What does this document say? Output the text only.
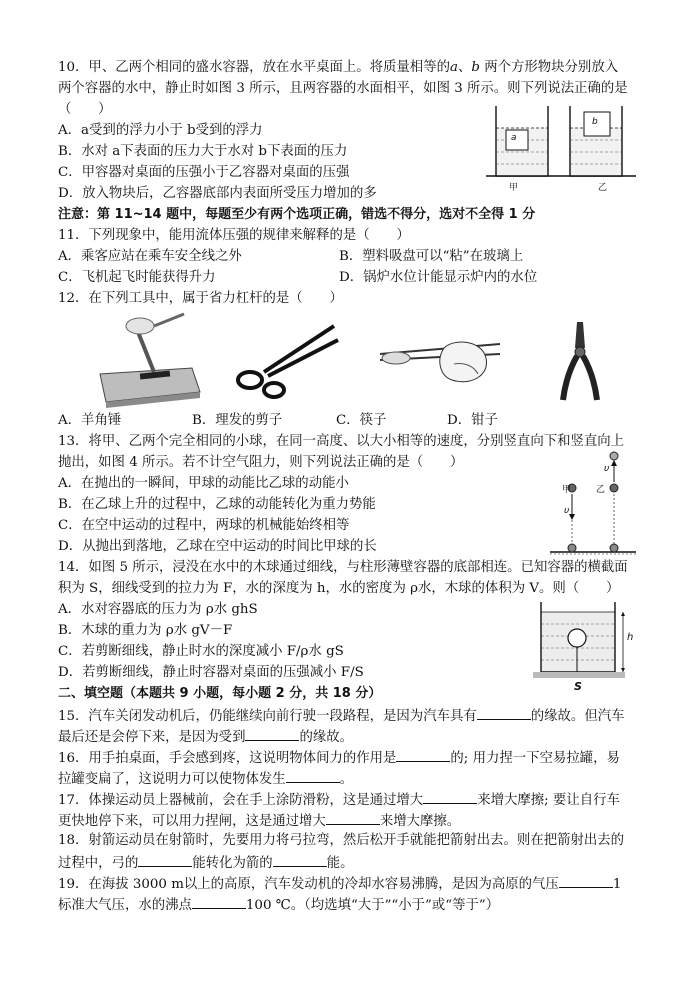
10．甲、乙两个相同的盛水容器，放在水平桌面上。将质量相等的a、b 两个方形物块分别放入
两个容器的水中，静止时如图 3 所示，且两容器的水面相平，如图 3 所示。则下列说法正确的是
（　　）
A．a受到的浮力小于 b受到的浮力
B．水对 a下表面的压力大于水对 b下表面的压力
C．甲容器对桌面的压强小于乙容器对桌面的压强
D．放入物块后，乙容器底部内表面所受压力增加的多
a
b
甲	乙
注意：第 11~14 题中，每题至少有两个选项正确，错选不得分，选对不全得 1 分
11．下列现象中，能用流体压强的规律来解释的是（　　）
A．乘客应站在乘车安全线之外	B．塑料吸盘可以“粘”在玻璃上
C．飞机起飞时能获得升力	D．锅炉水位计能显示炉内的水位
12．在下列工具中，属于省力杠杆的是（　　）
A．羊角锤	B．理发的剪子	C．筷子	D．钳子
13．将甲、乙两个完全相同的小球，在同一高度、以大小相等的速度，分别竖直向下和竖直向上
抛出，如图 4 所示。若不计空气阻力，则下列说法正确的是（　　）
A．在抛出的一瞬间，甲球的动能比乙球的动能小
B．在乙球上升的过程中，乙球的动能转化为重力势能
C．在空中运动的过程中，两球的机械能始终相等
D．从抛出到落地，乙球在空中运动的时间比甲球的长
甲	乙
υ
υ
14．如图 5 所示，浸没在水中的木球通过细线，与柱形薄壁容器的底部相连。已知容器的横截面
积为 S，细线受到的拉力为 F，水的深度为 h，水的密度为 ρ水，木球的体积为 V。则（　　）
A．水对容器底的压力为 ρ水 ghS
B．木球的重力为 ρ水 gV－F
C．若剪断细线，静止时水的深度减小 F/ρ水 gS
D．若剪断细线，静止时容器对桌面的压强减小 F/S
h
S
二、填空题（本题共 9 小题，每小题 2 分，共 18 分）
15．汽车关闭发动机后，仍能继续向前行驶一段路程，是因为汽车具有	的缘故。但汽车
最后还是会停下来，是因为受到	的缘故。
16．用手拍桌面，手会感到疼，这说明物体间力的作用是	的; 用力捏一下空易拉罐，易
拉罐变扁了，这说明力可以使物体发生	。
17．体操运动员上器械前，会在手上涂防滑粉，这是通过增大	来增大摩擦; 要让自行车
更快地停下来，可以用力捏闸，这是通过增大	来增大摩擦。
18．射箭运动员在射箭时，先要用力将弓拉弯，然后松开手就能把箭射出去。则在把箭射出去的
过程中，弓的	能转化为箭的	能。
19．在海拔 3000 m以上的高原，汽车发动机的冷却水容易沸腾，是因为高原的气压	1
标准大气压，水的沸点	100 ℃。（均选填“大于”“小于”或“等于”）
